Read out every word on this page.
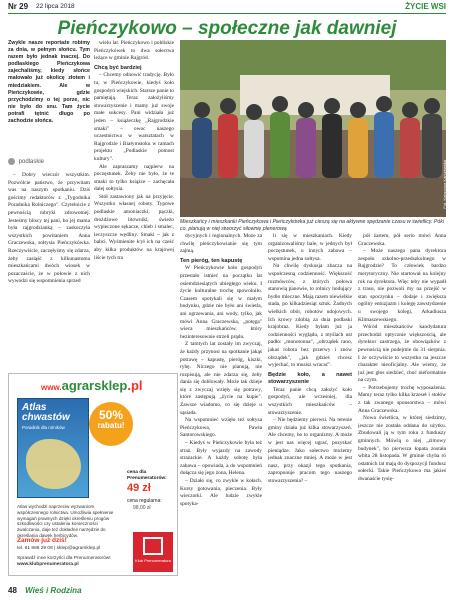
Nr 29 22 lipca 2018	ŻYCIE WSI
Pieńczykowo – społeczne jak dawniej

Zwykle nasze reportaże robimy za dnia, w pełnym słońcu. Tym razem było jednak inaczej. Do podlaskiego Pieńczykowa zajechaliśmy, kiedy słońce malowało już okolicę złotem i miedziakiem. Ale w Pieńczykowie, gdzie przychodzimy o tej porze, nic nie było do snu. Tam życie potrafi tętnić długo po zachodzie słońca.

podlaskie

– Dobry wieczór wszystkim. Pozwólcie państwo, że przywitam was na naszym spotkaniu. Dziś gościmy redaktorów z „Tygodnika Poradnika Rolniczego". Czytelnicie z pewnością rubryki zdrowotnej. Jesteśmy bliscy tej pani, bo jej mama była rajgrodzianką – zaskoczyła wszystkich powitaniem Anna Graczewska, sołtysia Pieńczykówka. Rzeczywiście, zaczęłyśmy się zdarza, żeby zasiąść z kilkunastoma mieszkańcami dwóch wiosek w pozaczaście, że w połowie z nich wywodzi się wspomnienia sprzed

wielu lat. Pieńczykowo i pobliskie Pieńczykówek to dwa sołectwa leżące w gminie Rajgród.

Chcą być bardziej

– Chcemy odnowić tradycję. Było tu, w Pieńczykowie, kiedyś koło gospodyń wiejskich. Starsze panie to pamiętają. Teraz założyliśmy stowarzyszenie i mamy już swoje małe sukcesy. Pani widziała już jeden – książeczkę „Rajgrodzkie smaki" – owoc naszego uczestnictwa w warsztatach w Rajgrodzie i Białymstoku w ramach projektu „Podlaskie pomost kultury".

Ale zapraszamy najpierw na poczęstunek. Żeby nie było, że te smaki to tylko książce – zachęcała dalej sołtysia.

Stół zastawiony jak na przyjęcie. Wszystko własnej roboty. Typowe podlaskie amoniaczki, pączki, drożdżowe litowniki, świeżo wypieczone sękacze, chleb i smalec, leczyszcze wędliny. Smaki – jak z babci. Wyśmienite łcył ich na cześć aby kilka produktów na krajowej liście tych tra

Fot. Katarzyna Karczewska

Mieszkańcy i mieszkanki Pieńczykowa i Pieńczykówka już cieszą się na aktywne spędzanie czasu w świetlicy. Póki co, planują w niej stworzyć siłownię plenerową

dycyjnych i regionalnych. Może za chwilę pieńczykowianie się tym zajmą.

Ten pieróg, ten kapustę

W Pieńczykowie koło gospodyń przestało istnieć na początku lat osiemdziesiątych ubiegłego wieku. I życie kulturalne trochę spowolniło. Czasem spotykali się w małym budynku, gdzie nie było ani świetla, ani ogrzewania, ani wody, tylko, jak mówi Anna Graczewska, „potęga" wieca mieszkańców, który bezinteresownie strzeli prądu.

Z tamtych lat zostały im zwyczaj, że każdy przynosi na spotkanie jakąś potrawę – kapustę, pieróg, kiszki, rybę. Niczego nie planują, nie rozpisują, ale nie zdarza się, żeby dania się dublowały. Może tak dzieje się z zwyczaj wzięły się potrawy, które zastępują „życie na kupie". Zawsze wiadomo, co się dzieje u sąsiada.

Na wspomnieć wzięło też sołtysa Pieńczykowa, Pawła Santorowskiego.

– Kiedyś w Pieńczykowie była też straż. Były wyjazdy na zawody strażackie. A każdy sobotę była zabawa – opowiada, a do wspomnień dołącza się jego żona, Helena.

– Działo się, co zwykle w kołach. Kursy gotowania, pieczenia. Były wieczorki. Ale ludzie zwykle spotyka-

li się w mieszkaniach. Kiedy organizowaliśmy bale, w jednych był poczęstunek, u innych zabawa – wspomina jedna sołtysa.

Na chwilę dyskusja zbacza na wspołczesną codzienność. Większość rozmówców, z których połowa stanowią panowie, to rolnicy hodujący bydło mleczne. Mają razem niewielkie stada, po kilkadziesiąt sztuk. Żadnych wielkich obór, robotów udojowych. Ich krowy zdobią za dnia podlaski krajobraz. Kiedy byłam już ja codzienności wyglądu, z myślach ust padło: „monotonna", „obrządek rano, jakaś robota bez przerwy i znów obrządek", „jak gdzieś chcesz wyjechać, to musisz wracać".

Będzie koło, a nawet stowarzyszenie

Teraz panie chcą założyć koło gospodyń, ale wcześniej, dla wszystkich mieszkańców – stowarzyszenie.

– Nie będziemy pierwsi. Na terenie gminy działa już kilka stowarzyszeń. Ale chcemy, bo to organizmy. A może w jest nas więcej ugrać, pozyskać pieniądze. Jako sołectwo możemy jednak znaczne mniej. A może w jest nasz, przy okazji tego spotkania, zaproponuje pracom tego naszego stowarzyszenia? –

pół żartem, pół serio mówi Anna Graczewska.

– Może naszego pana dyrektora zespołu szkolno-przedszkolnego w Rajgrodzie? To człowiek bardzo merytoryczny. Nie startował na kolejny rok na dyrektora. Więc teby nie wypadł z trasu, nie pozwoli my na przejść w stan spoczynku – dodaje i zwiększa ogólny entuzjazm i kolegę zawstydzenie u swojego kolegi, Arkadiusza Klimaszewskiego.

Wśród mieszkańców kandydatura przechodzi optycznie większością, ale dyrektor zastrzega, że obowiązków z pewnością nie podejmie do 31 sierpnia. I że oczywiście to wszystko na jeszcze charakter nieoficjalny. Ale wiemy, że już jest głos siedzieć, choć nieformalnie na czym.

– Potrzebujemy trochę wyposażenia. Mamy teraz tylko kilka krzeseł i stołów z tak zwanego sponsorstwa – mówi Anna Graczewska.

Nowa świetlica, w której siedzimy, jeszcze nie została oddana do użytku. Zbudowali ją w tym roku z funduszy gminnych. Mówią o niej „zimowy budynek", bo pierwsza łopata została wbita 28 listopada. W gminie chyba ró ostatnich lat mają do dyspozycji fundusz sołecki. Takie Pieńczykowo ma jakieś dwanaście tysię-

www.agrarsklep.pl
Atlas
chwastów
Poradnik dla rolników
50%
rabatu!
cena dla Prenumeratorów:
49 zł
cena regularna:
98,00 zł
Atlas wychodzi naprzeciw wyzwaniom współczesnego rolnictwa. Umożliwia spełnienie wymagań prawnych dzięki określeniu progów szkodliwości czy ustaleniu konieczności zwalczania, daje też dokładne narzędzie do określania dawek herbicydów.
Zamów już dziś!
tel. 61 886 29 08 | sklep@agrarsklep.pl
Sprawdź inne korzyści dla Prenumeratorów!
www.klubprenumeratora.pl
Klub Prenumeratora
48 Wieś i Rodzina
